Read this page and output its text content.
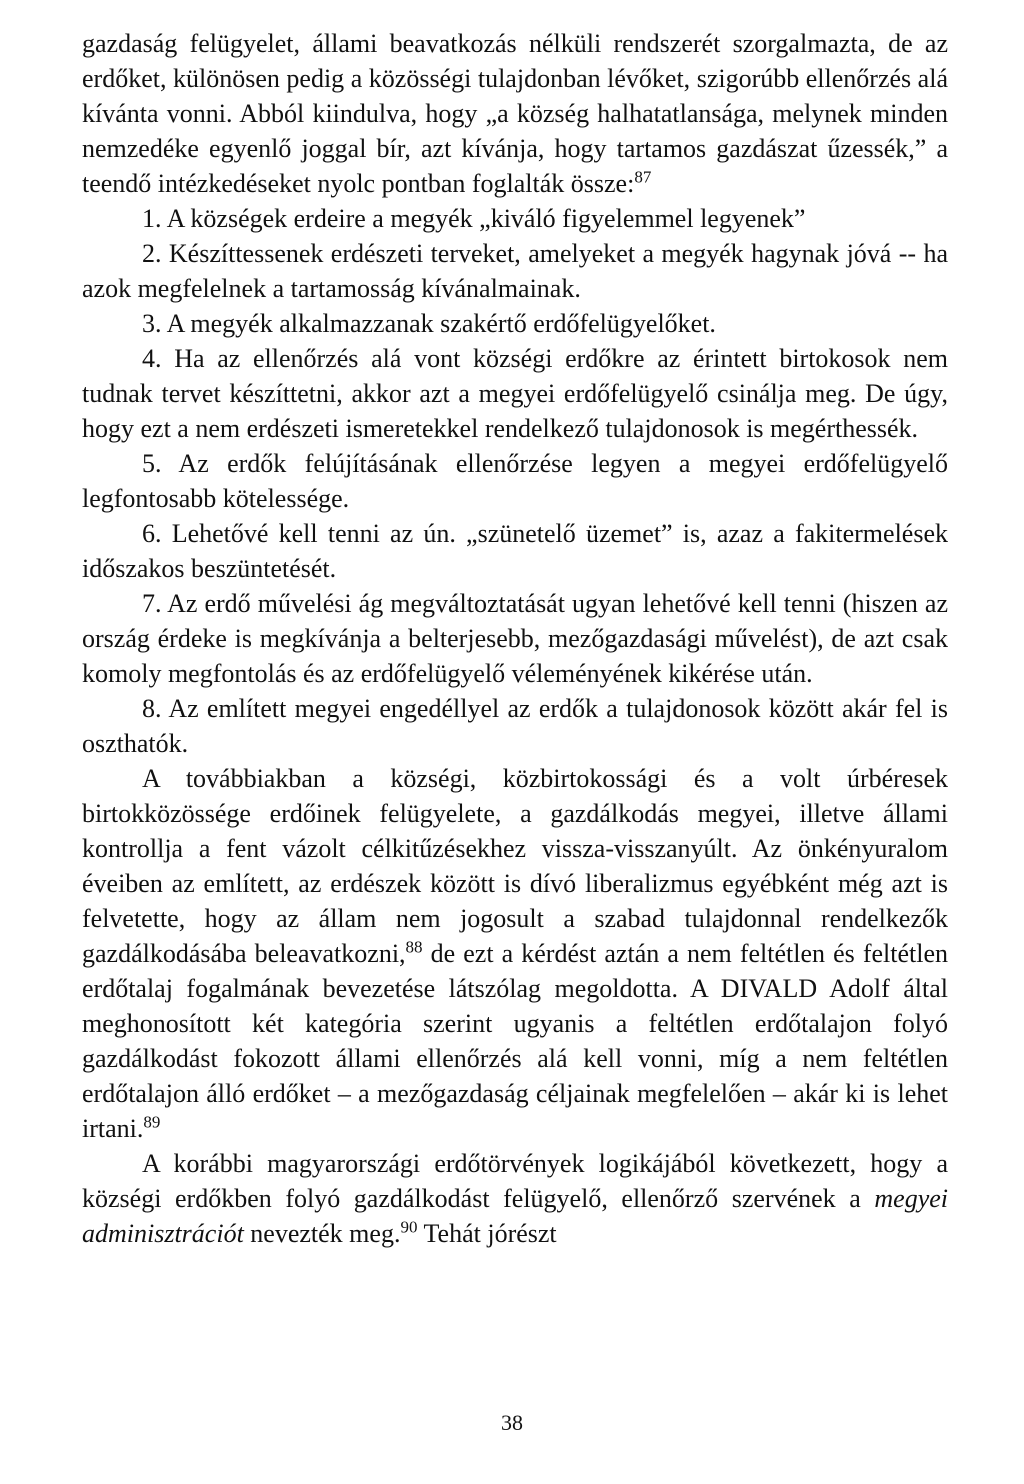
gazdaság felügyelet, állami beavatkozás nélküli rendszerét szorgalmazta, de az erdőket, különösen pedig a közösségi tulajdonban lévőket, szigorúbb ellenőrzés alá kívánta vonni. Abból kiindulva, hogy „a község halhatatlansága, melynek minden nemzedéke egyenlő joggal bír, azt kívánja, hogy tartamos gazdászat űzessék,” a teendő intézkedéseket nyolc pontban foglalták össze:$^{87}$

1. A községek erdeire a megyék „kiváló figyelemmel legyenek”

2. Készíttessenek erdészeti terveket, amelyeket a megyék hagynak jóvá -- ha azok megfelelnek a tartamosság kívánalmainak.

3. A megyék alkalmazzanak szakértő erdőfelügyelőket.

4. Ha az ellenőrzés alá vont községi erdőkre az érintett birtokosok nem tudnak tervet készíttetni, akkor azt a megyei erdőfelügyelő csinálja meg. De úgy, hogy ezt a nem erdészeti ismeretekkel rendelkező tulajdonosok is megérthessék.

5. Az erdők felújításának ellenőrzése legyen a megyei erdőfelügyelő legfontosabb kötelessége.

6. Lehetővé kell tenni az ún. „szünetelő üzemet” is, azaz a fakitermelések időszakos beszüntetését.

7. Az erdő művelési ág megváltoztatását ugyan lehetővé kell tenni (hiszen az ország érdeke is megkívánja a belterjesebb, mezőgazdasági művelést), de azt csak komoly megfontolás és az erdőfelügyelő véleményének kikérése után.

8. Az említett megyei engedéllyel az erdők a tulajdonosok között akár fel is oszthatók.

A továbbiakban a községi, közbirtokossági és a volt úrbéresek birtokközössége erdőinek felügyelete, a gazdálkodás megyei, illetve állami kontrollja a fent vázolt célkitűzésekhez vissza-visszanyúlt. Az önkényuralom éveiben az említett, az erdészek között is dívó liberalizmus egyébként még azt is felvetette, hogy az állam nem jogosult a szabad tulajdonnal rendelkezők gazdálkodásába beleavatkozni,$^{88}$ de ezt a kérdést aztán a nem feltétlen és feltétlen erdőtalaj fogalmának bevezetése látszólag megoldotta. A DIVALD Adolf által meghonosított két kategória szerint ugyanis a feltétlen erdőtalajon folyó gazdálkodást fokozott állami ellenőrzés alá kell vonni, míg a nem feltétlen erdőtalajon álló erdőket – a mezőgazdaság céljainak megfelelően – akár ki is lehet irtani.$^{89}$

A korábbi magyarországi erdőtörvények logikájából következett, hogy a községi erdőkben folyó gazdálkodást felügyelő, ellenőrző szervének a megyei adminisztrációt nevezték meg.$^{90}$ Tehát jórészt

38
